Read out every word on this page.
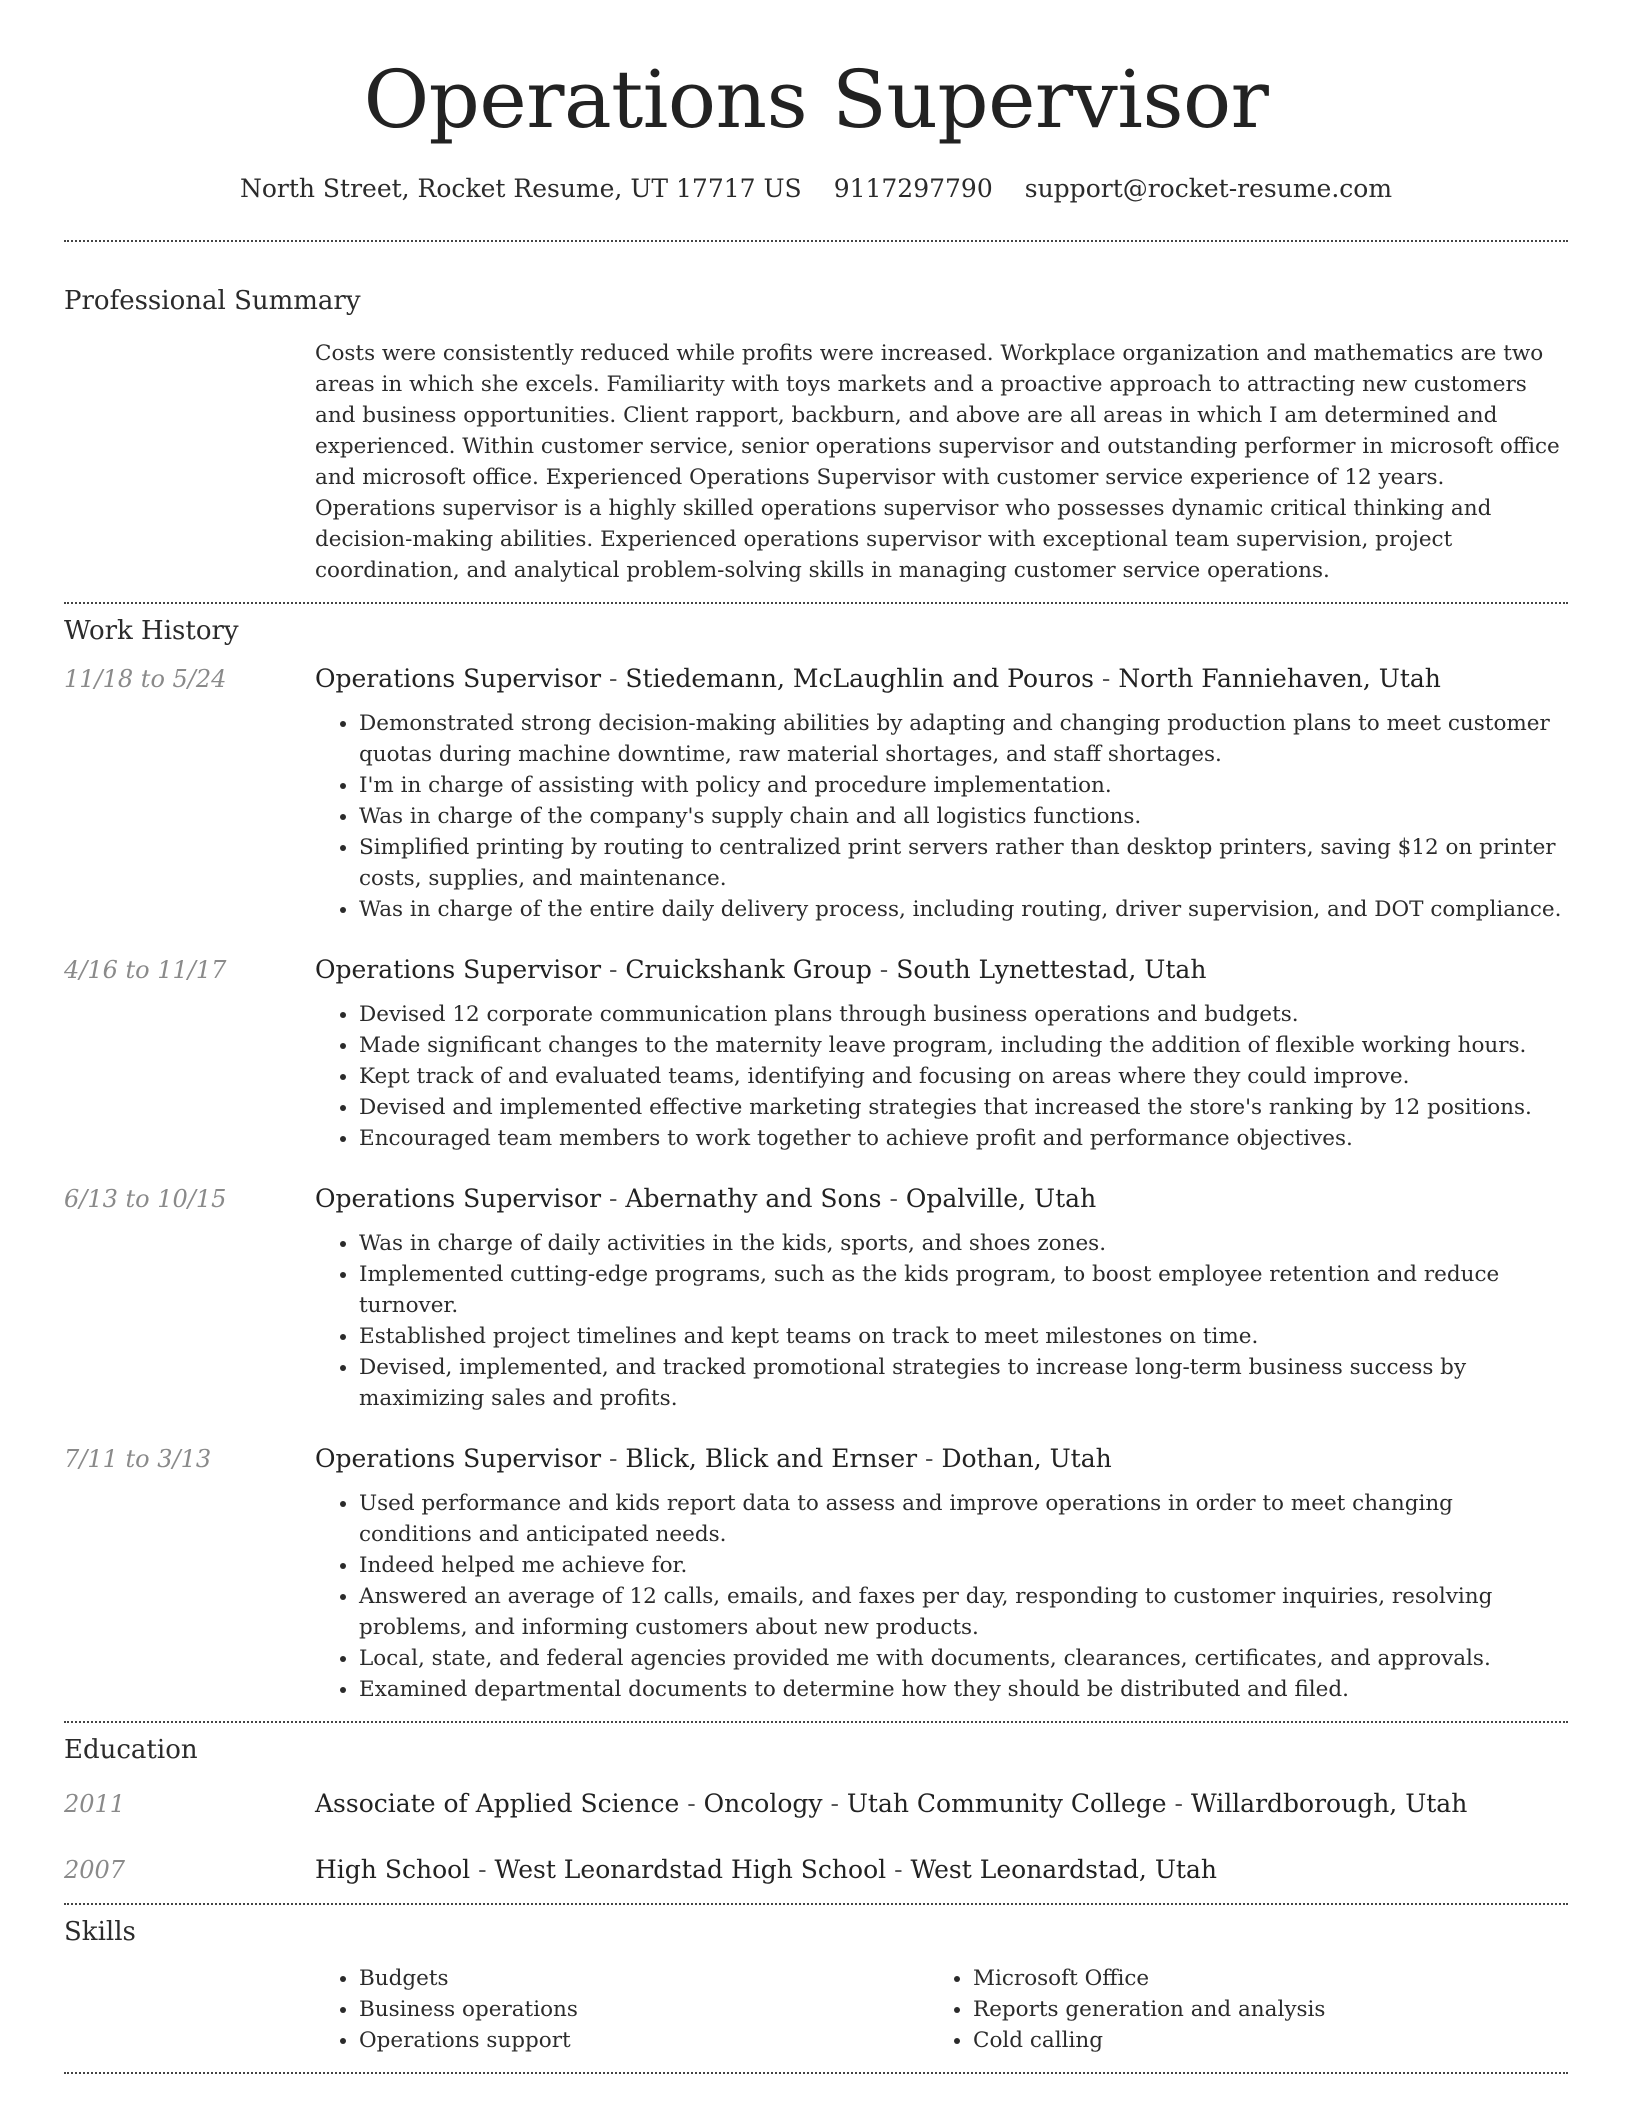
Operations Supervisor
North Street, Rocket Resume, UT 17717 US 9117297790 support@rocket-resume.com
Professional Summary
Costs were consistently reduced while profits were increased. Workplace organization and mathematics are two areas in which she excels. Familiarity with toys markets and a proactive approach to attracting new customers and business opportunities. Client rapport, backburn, and above are all areas in which I am determined and experienced. Within customer service, senior operations supervisor and outstanding performer in microsoft office and microsoft office. Experienced Operations Supervisor with customer service experience of 12 years. Operations supervisor is a highly skilled operations supervisor who possesses dynamic critical thinking and decision-making abilities. Experienced operations supervisor with exceptional team supervision, project coordination, and analytical problem-solving skills in managing customer service operations.
Work History
11/18 to 5/24	Operations Supervisor - Stiedemann, McLaughlin and Pouros - North Fanniehaven, Utah
• Demonstrated strong decision-making abilities by adapting and changing production plans to meet customer quotas during machine downtime, raw material shortages, and staff shortages.
• I'm in charge of assisting with policy and procedure implementation.
• Was in charge of the company's supply chain and all logistics functions.
• Simplified printing by routing to centralized print servers rather than desktop printers, saving $12 on printer costs, supplies, and maintenance.
• Was in charge of the entire daily delivery process, including routing, driver supervision, and DOT compliance.
4/16 to 11/17	Operations Supervisor - Cruickshank Group - South Lynettestad, Utah
• Devised 12 corporate communication plans through business operations and budgets.
• Made significant changes to the maternity leave program, including the addition of flexible working hours.
• Kept track of and evaluated teams, identifying and focusing on areas where they could improve.
• Devised and implemented effective marketing strategies that increased the store's ranking by 12 positions.
• Encouraged team members to work together to achieve profit and performance objectives.
6/13 to 10/15	Operations Supervisor - Abernathy and Sons - Opalville, Utah
• Was in charge of daily activities in the kids, sports, and shoes zones.
• Implemented cutting-edge programs, such as the kids program, to boost employee retention and reduce turnover.
• Established project timelines and kept teams on track to meet milestones on time.
• Devised, implemented, and tracked promotional strategies to increase long-term business success by maximizing sales and profits.
7/11 to 3/13	Operations Supervisor - Blick, Blick and Ernser - Dothan, Utah
• Used performance and kids report data to assess and improve operations in order to meet changing conditions and anticipated needs.
• Indeed helped me achieve for.
• Answered an average of 12 calls, emails, and faxes per day, responding to customer inquiries, resolving problems, and informing customers about new products.
• Local, state, and federal agencies provided me with documents, clearances, certificates, and approvals.
• Examined departmental documents to determine how they should be distributed and filed.
Education
2011	Associate of Applied Science - Oncology - Utah Community College - Willardborough, Utah
2007	High School - West Leonardstad High School - West Leonardstad, Utah
Skills
• Budgets
• Business operations
• Operations support
• Microsoft Office
• Reports generation and analysis
• Cold calling
